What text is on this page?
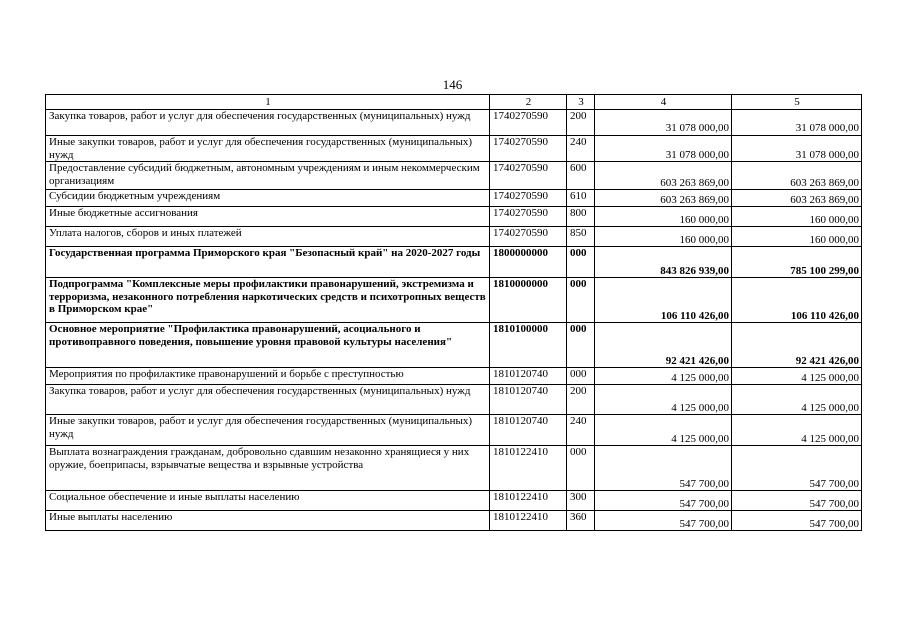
146
1	2	3	4	5
Закупка товаров, работ и услуг для обеспечения государственных (муниципальных) нужд	1740270590	200	31 078 000,00	31 078 000,00
Иные закупки товаров, работ и услуг для обеспечения государственных (муниципальных) нужд	1740270590	240	31 078 000,00	31 078 000,00
Предоставление субсидий бюджетным, автономным учреждениям и иным некоммерческим организациям	1740270590	600	603 263 869,00	603 263 869,00
Субсидии бюджетным учреждениям	1740270590	610	603 263 869,00	603 263 869,00
Иные бюджетные ассигнования	1740270590	800	160 000,00	160 000,00
Уплата налогов, сборов и иных платежей	1740270590	850	160 000,00	160 000,00
Государственная программа Приморского края "Безопасный край" на 2020-2027 годы	1800000000	000	843 826 939,00	785 100 299,00
Подпрограмма "Комплексные меры профилактики правонарушений, экстремизма и терроризма, незаконного потребления наркотических средств и психотропных веществ в Приморском крае"	1810000000	000	106 110 426,00	106 110 426,00
Основное мероприятие "Профилактика правонарушений, асоциального и противоправного поведения, повышение уровня правовой культуры населения"	1810100000	000	92 421 426,00	92 421 426,00
Мероприятия по профилактике правонарушений и борьбе с преступностью	1810120740	000	4 125 000,00	4 125 000,00
Закупка товаров, работ и услуг для обеспечения государственных (муниципальных) нужд	1810120740	200	4 125 000,00	4 125 000,00
Иные закупки товаров, работ и услуг для обеспечения государственных (муниципальных) нужд	1810120740	240	4 125 000,00	4 125 000,00
Выплата вознаграждения гражданам, добровольно сдавшим незаконно хранящиеся у них оружие, боеприпасы, взрывчатые вещества и взрывные устройства	1810122410	000	547 700,00	547 700,00
Социальное обеспечение и иные выплаты населению	1810122410	300	547 700,00	547 700,00
Иные выплаты населению	1810122410	360	547 700,00	547 700,00
